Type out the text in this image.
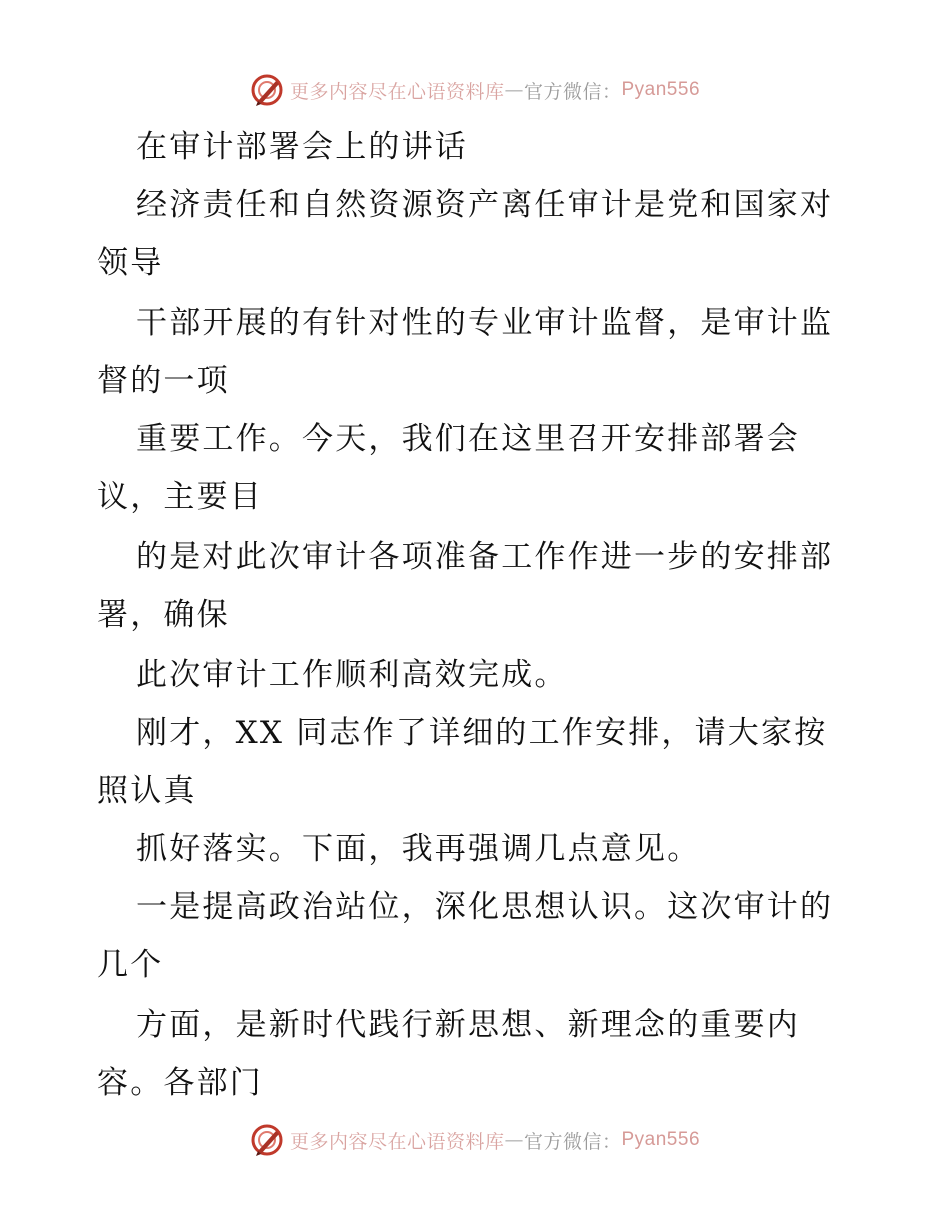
更多内容尽在心语资料库 — 官方微信： Pyan556
在审计部署会上的讲话
经济责任和自然资源资产离任审计是党和国家对
领导
干部开展的有针对性的专业审计监督，是审计监
督的一项
重要工作。今天，我们在这里召开安排部署会
议，主要目
的是对此次审计各项准备工作作进一步的安排部
署，确保
此次审计工作顺利高效完成。
刚才，XX 同志作了详细的工作安排，请大家按
照认真
抓好落实。下面，我再强调几点意见。
一是提高政治站位，深化思想认识。这次审计的
几个
方面，是新时代践行新思想、新理念的重要内
容。各部门
更多内容尽在心语资料库 — 官方微信： Pyan556
